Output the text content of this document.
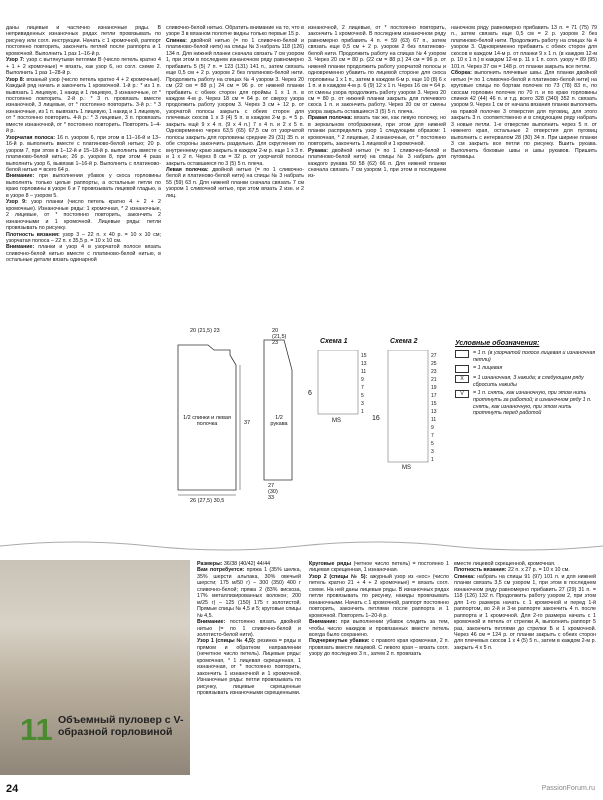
даны лицевые и частично изнаночные ряды. В непривиденных изнаночных рядах петли провязывать по рисунку или согл. инструкции. Начать с 1 кромочной, раппорт постоянно повторить, закончить петлей после раппорта и 1 кромочной. Выполнить 1 раз 1–16-й р.

Узор 7: узор с вытянутыми петлями В (число петель кратно 4 + 1 + 2 кромочные) = вязать, как узор 6, но согл. схеме 2. Выполнить 1 раз 1–28-й р.

Узор 8: вязаный узор (число петель кратно 4 + 2 кромочные). Каждый ряд начать и закончить 1 кромочной. 1-й р.: * из 1 п. вывязать 1 лицевую, 1 накид и 1 лицевую, 3 изнаночные, от * постоянно повторить. 2-й р.: * 3 п. провязать вместе изнаночной, 3 лицевые, от * постоянно повторить. 3-й р.: * 3 изнаночные, из 1 п. вывязать 1 лицевую, 1 накид и 1 лицевую, от * постоянно повторить. 4-й р.: * 3 лицевые, 3 п. провязать вместе изнаночной, от * постоянно повторить. Повторять 1–4-й р.

Узорчатая полоса: 16 п. узором 6, при этом в 11–16-й и 13–16-й р. выполнить вместе с платиново-белой нитью; 20 р. узором 7, при этом в 1–12-й и 15–18-й р. выполнить вместе с платиново-белой нитью; 26 р. узором 8, при этом 4 раза выполнить узор 6, вывязав 1–16-й р. Выполнить с платиново-белой нитью = всего 64 р.

Внимание: при выполнении убавок у скоса горловины выполнять только целые раппорты, а остальные петли по краю горловины в узоре 6 и 7 провязывать лицевой гладью, а в узоре 8 – узором 5.

Узор 9: узор планки (число петель кратно 4 + 2 + 2 кромочные). Изнаночные ряды: 1 кромочная, * 2 изнаночные, 2 лицевые, от * постоянно повторить, закончить 2 изнаночными и 1 кромочной. Лицевые ряды: петли провязывать по рисунку.

Плотность вязания: узор 3 – 22 п. х 40 р. = 10 х 10 см; узорчатая полоса – 22 п. х 35,5 р. = 10 х 10 см.

Внимание: планки и узор 4 в узорчатой полосе вязать сливочно-белой нитью вместе с платиново-белой нитью, в остальные детали вязать одинарной

сливочно-белой нитью. Обратить внимание на то, что в узоре 3 в вязаном полотне видны только первые 15 р.

Спинка: двойной нитью (= по 1 сливочно-белой и платиново-белой нити) на спицы № 3 набрать 118 (126) 134 п. Для нижней планки сначала связать 7 см узором 1, при этом в последнем изнаночном ряду равномерно прибавить 5 (5) 7 п. = 123 (131) 141 п., затем связать еще 0,5 см + 2 р. узором 2 без платиново-белой нити. Продолжить работу на спицах № 4 узором 3. Через 20 см (22 см = 88 р.) 24 см = 96 р. от нижней планки прибавить с обеих сторон для проймы 1 х 1 п. в каждом 4-м р. Через 18 см = 64 р. от сверху узора продолжить работу узором 3. Через 3 см + 12 р. от узорчатой полосы закрыть с обеих сторон для плечевых скосов 1 х 3 (4) 5 п. в каждом 2-м р. = 5 р. закрыть ещё 9 х 4 п. (9 х 4 п.) 7 х 4 п. и 2 х 5 п. Одновременно через 63,5 (65) 67,5 см от узорчатой полосы закрыть для горловины средние 29 (31) 35 п. и обе стороны закончить раздельно. Для скругления по внутреннему краю закрыть в каждом 2-м р. еще 1 х 3 п. и 1 х 2 п. Через 8 см = 32 р. от узорчатой полосы закрыть оставшиеся по 3 (5) 5 п. плеча.

Левая полочка: двойной нитью (= по 1 сливочно-белой и платиново-белой нити) на спицы № 3 набрать 55 (59) 63 п. Для нижней планки сначала связать 7 см узором 1 сливочной нитью, при этом вязать 2 изн. и 2 лиц.

изнаночной, 2 лицевые, от * постоянно повторить, закончить 1 кромочной. В последнем изнаночном ряду равномерно прибавить 4 п. = 59 (63) 67 п., затем связать еще 0,5 см + 2 р. узором 2 без платиново-белой нити. Продолжить работу на спицах № 4 узором 3. Через 20 см = 80 р. (22 см = 88 р.) 24 см = 96 р. от нижней планки продолжить работу узорчатой полосы и одновременно убавить по лицевой стороне для скоса горловины 1 х 1 п., затем в каждом 6-м р. еще 10 (8) 6 х 1 п. и в каждом 4-м р. 6 (9) 12 х 1 п. Через 16 см = 64 р. от смены узора продолжить работу узором 3. Через 20 см = 80 р. от нижней планки закрыть для плечевого скоса 1 п. и закончить работу. Через 20 см от смены узора закрыть оставшиеся 3 (5) 5 п. плеча.

Правая полочка: вязать так же, как левую полочку, но в зеркальном отображении, при этом для нижней планки распределить узор 1 следующим образом: 1 кромочная, * 2 лицевые, 2 изнаночные, от * постоянно повторить, закончить 1 лицевой и 1 кромочной.

Рукава: двойной нитью (= по 1 сливочно-белой и платиново-белой нити) на спицы № 3 набрать для каждого рукава 50 58 (62) 66 п. Для нижней планки сначала связать 7 см узором 1, при этом в последнем из-

наночном ряду равномерно прибавить 13 п. = 71 (75) 79 п., затем связать еще 0,5 см = 2 р. узором 2 без платиново-белой нити. Продолжить работу на спицах № 4 узором 3. Одновременно прибавить с обеих сторон для скосов в каждом 14-м р. от планки 9 х 1 п. (в каждом 12-м р. 10 х 1 п.) в каждом 12-м р. 11 х 1 п. согл. узору = 89 (95) 101 п. Через 37 см = 148 р. от планки закрыть все петли.

Сборка: выполнить плечевые швы. Для планки двойной нитью (= по 1 сливочно-белой и платиново-белой нити) на круговые спицы по бортам полочек по 73 (78) 83 п., по скосам горловин полочек по 70 п. и по краю горловины спинки 42 (44) 46 п. и т.д. всего 328 (340) 352 п. связать узором 9. Через 1 см от начала вязания планки выполнить на правой полочке 3 отверстия для пуговиц, для этого закрыть 3 п. соответственно и в следующем ряду набрать 3 новые петли. 1-е отверстие выполнить через 5 п. от нижнего края, остальные 2 отверстия для пуговиц выполнить с интервалом 28 (30) 34 п. При ширине планки 3 см закрыть все петли по рисунку. Вшить рукава. Выполнить боковые швы и швы рукавов. Пришить пуговицы.

20 (21,5) 23	20
(21,5)
23
1/2 спинки и левая полочка
1/2 рукава
37
26 (27,5) 30,5
27
(30)
33
Схема 1	Схема 2
15
13
11
9
7
5
3
1
27
25
23
21
19
17
15
13
11
9
7
5
3
1
6
16
MS
MS
Условные обозначения:
= 1 п. (в узорчатой полосе лицевая и изнаночная петли)
= 1 лицевая
X	= 1 изнаночная, 3 накида; в следующем ряду сбросить накиды
V	= 1 п. снять, как изнаночную, при этом нить протянуть за работой; в изнаночном ряду 1 п. снять, как изнаночную, при этом нить протянуть перед работой
11 Объемный пуловер с V-образной горловиной

Размеры: 36/38 (40/42) 44/44

Вам потребуется: пряжа 1 (35% шелка, 35% шерсти альпака, 30% овечьей шерсти; 175 м/50 г) – 300 (350) 400 г сливочно-белой; пряжа 2 (83% вискоза, 17% металлизированных волокон; 200 м/25 г) – 125 (150) 175 г золотистой. Прямые спицы № 4,5 и 5; круговые спицы № 4,5.

Внимание: постоянно вязать двойной нитью (= по 1 сливочно-белой и золотисто-белой нити).

Узор 1 (спицы № 4,5): резинка = ряды в прямом и обратном направлении (нечетное число петель). Лицевые ряды: кромочная, * 1 лицевая скрещенная, 1 изнаночная, от * постоянно повторить, закончить 1 изнаночной и 1 кромочной. Изнаночные ряды: петли провязывать по рисунку, лицевые скрещенные провязывать изнаночными скрещенными.

Круговые ряды (четное число петель) = постоянно 1 лицевая скрещенная, 1 изнаночная.

Узор 2 (спицы № 5): ажурный узор из «кос» (число петель кратно 21 + 4 + 2 кромочные) = вязать согл. схеме. На ней даны лицевые ряды. В изнаночных рядах петли провязывать по рисунку, накиды провязывать изнаночными. Начать с 1 кромочной, раппорт постоянно повторить, закончить петлями после раппорта и 1 кромочной. Повторять 1–20-й р.

Внимание: при выполнении убавок следить за тем, чтобы число накидов и провязанных вместе петель всегда было сохранено.

Подчеркнутые убавки: с правого края кромочная, 2 п. провязать вместе лицевой. С левого края – вязать согл. узору до последних 3 п., затем 2 п. провязать

вместе лицевой скрещенной, кромочная.

Плотность вязания: 22 п. х 27 р. = 10 х 10 см.

Спинка: набрать на спицы 91 (97) 101 п. и для нижней планки связать 3,5 см узором 1, при этом в последнем изнаночном ряду равномерно прибавить 27 (29) 31 п. = 118 (126) 132 п. Продолжить работу узором 2, при этом для 1-го размера начать с 1 кромочной и перед 1-й раппортом, во 2-й и 3-м раппорте закончить 4 п. после раппорта и 1 кромочной. Для 2-го размера начать с 1 кромочной и петель от стрелки А, выполнить раппорт 5 раз, закончить петлями до стрелки Б и 1 кромочной. Через 46 см = 124 р. от планки закрыть с обеих сторон для плечевых скосов 1 х 4 (5) 5 п., затем в каждом 2-м р. закрыть 4 х 5 п.

24	PassionForum.ru
